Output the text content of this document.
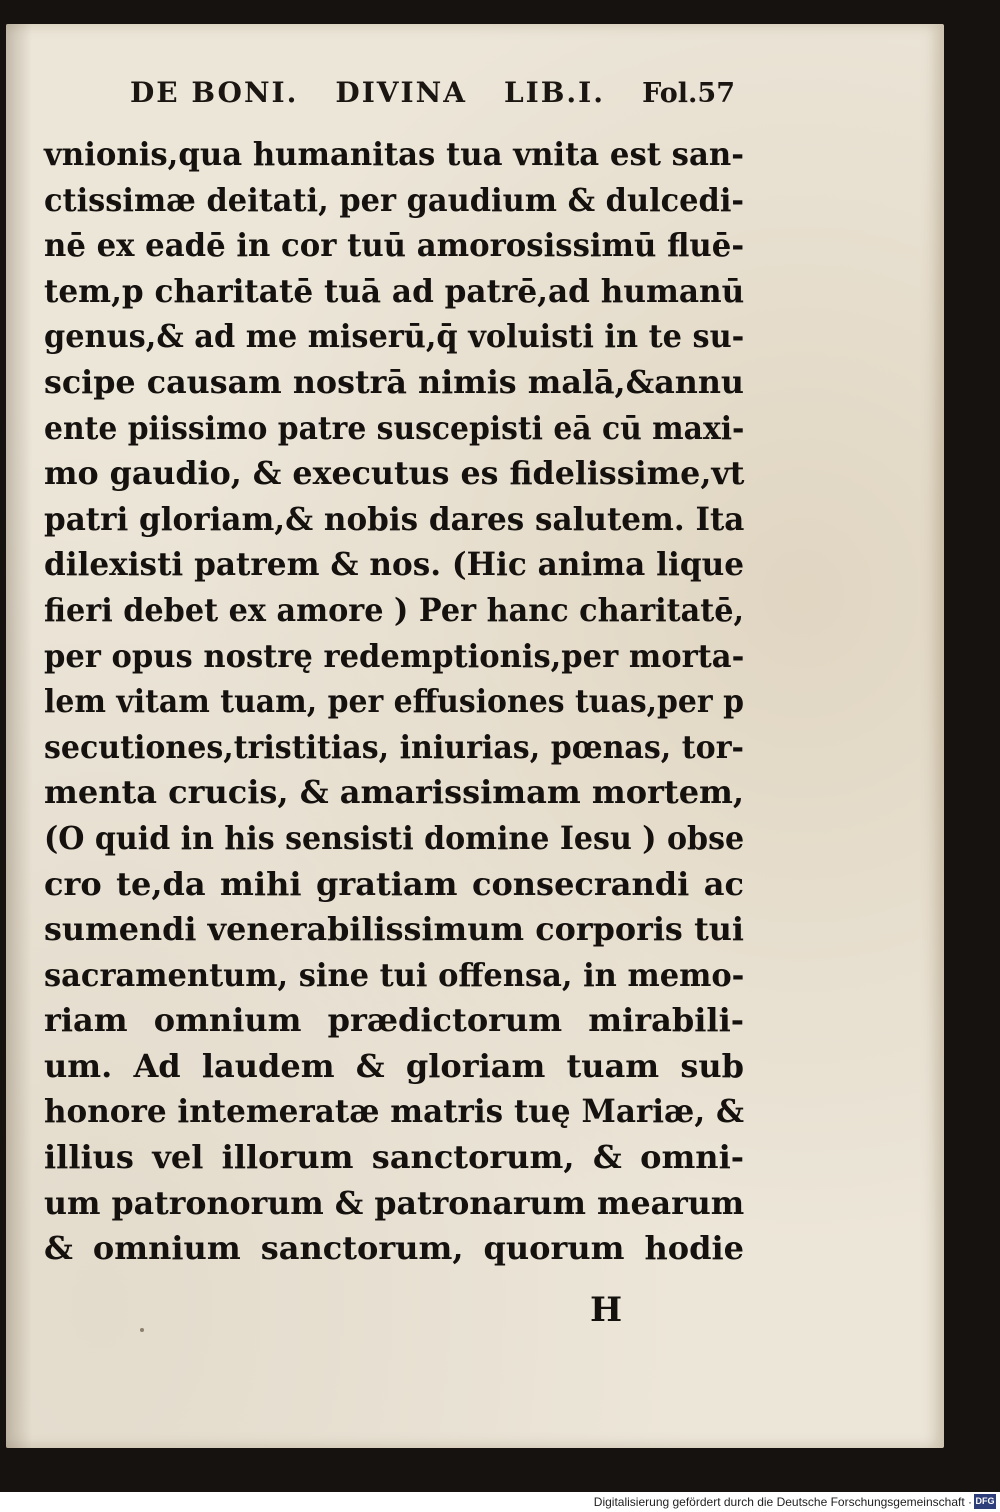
DE BONI. DIVINA LIB.I. Fol.57
vnionis,qua humanitas tua vnita est san-
ctissimæ deitati, per gaudium & dulcedi-
nē ex eadē in cor tuū amorosissimū fluē-
tem,p charitatē tuā ad patrē,ad humanū
genus,& ad me miserū,q̄ voluisti in te su-
scipe causam nostrā nimis malā,&annu
ente piissimo patre suscepisti eā cū maxi-
mo gaudio, & executus es fidelissime,vt
patri gloriam,& nobis dares salutem. Ita
dilexisti patrem & nos. (Hic anima lique
fieri debet ex amore ) Per hanc charitatē,
per opus nostrę redemptionis,per morta-
lem vitam tuam, per effusiones tuas,per p
secutiones,tristitias, iniurias, pœnas, tor-
menta crucis, & amarissimam mortem,
(O quid in his sensisti domine Iesu ) obse
cro te,da mihi gratiam consecrandi ac
sumendi venerabilissimum corporis tui
sacramentum, sine tui offensa, in memo-
riam omnium prædictorum mirabili-
um. Ad laudem & gloriam tuam sub
honore intemeratæ matris tuę Mariæ, &
illius vel illorum sanctorum, & omni-
um patronorum & patronarum mearum
& omnium sanctorum, quorum hodie
H
Digitalisierung gefördert durch die Deutsche Forschungsgemeinschaft · DFG
